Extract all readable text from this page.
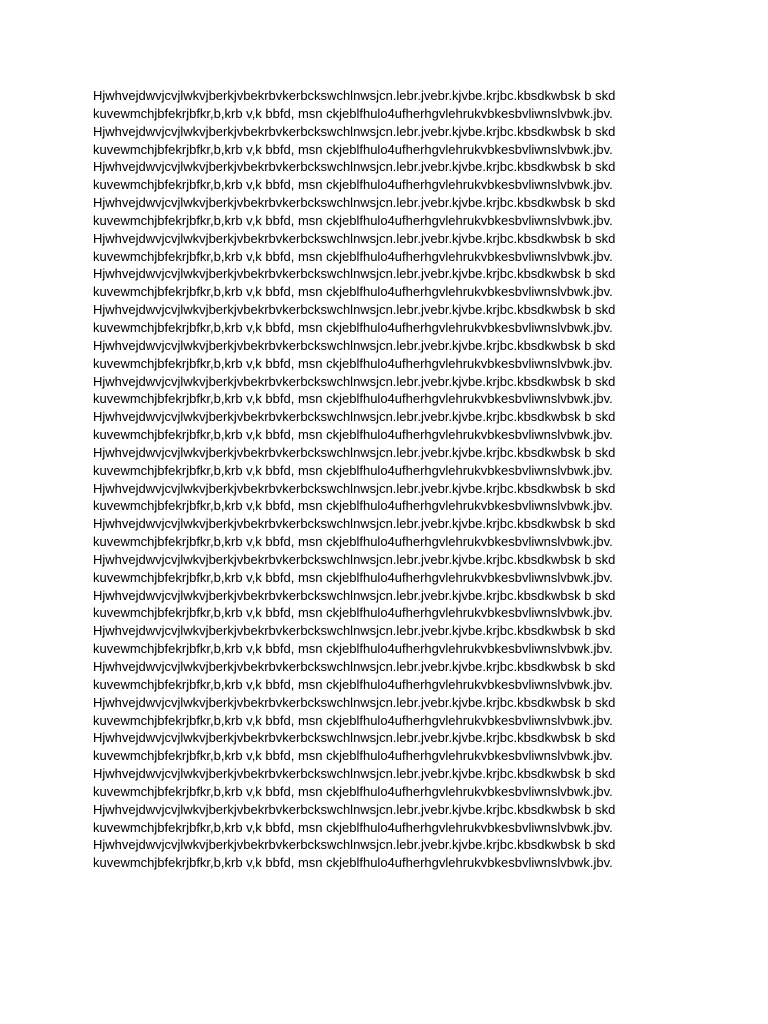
Hjwhvejdwvjcvjlwkvjberkjvbekrbvkerbckswchlnwsjcn.lebr.jvebr.kjvbe.krjbc.kbsdkwbsk b skd
kuvewmchjbfekrjbfkr,b,krb v,k bbfd, msn ckjeblfhulo4ufherhgvlehrukvbkesbvliwnslvbwk.jbv.
Hjwhvejdwvjcvjlwkvjberkjvbekrbvkerbckswchlnwsjcn.lebr.jvebr.kjvbe.krjbc.kbsdkwbsk b skd
kuvewmchjbfekrjbfkr,b,krb v,k bbfd, msn ckjeblfhulo4ufherhgvlehrukvbkesbvliwnslvbwk.jbv.
Hjwhvejdwvjcvjlwkvjberkjvbekrbvkerbckswchlnwsjcn.lebr.jvebr.kjvbe.krjbc.kbsdkwbsk b skd
kuvewmchjbfekrjbfkr,b,krb v,k bbfd, msn ckjeblfhulo4ufherhgvlehrukvbkesbvliwnslvbwk.jbv.
Hjwhvejdwvjcvjlwkvjberkjvbekrbvkerbckswchlnwsjcn.lebr.jvebr.kjvbe.krjbc.kbsdkwbsk b skd
kuvewmchjbfekrjbfkr,b,krb v,k bbfd, msn ckjeblfhulo4ufherhgvlehrukvbkesbvliwnslvbwk.jbv.
Hjwhvejdwvjcvjlwkvjberkjvbekrbvkerbckswchlnwsjcn.lebr.jvebr.kjvbe.krjbc.kbsdkwbsk b skd
kuvewmchjbfekrjbfkr,b,krb v,k bbfd, msn ckjeblfhulo4ufherhgvlehrukvbkesbvliwnslvbwk.jbv.
Hjwhvejdwvjcvjlwkvjberkjvbekrbvkerbckswchlnwsjcn.lebr.jvebr.kjvbe.krjbc.kbsdkwbsk b skd
kuvewmchjbfekrjbfkr,b,krb v,k bbfd, msn ckjeblfhulo4ufherhgvlehrukvbkesbvliwnslvbwk.jbv.
Hjwhvejdwvjcvjlwkvjberkjvbekrbvkerbckswchlnwsjcn.lebr.jvebr.kjvbe.krjbc.kbsdkwbsk b skd
kuvewmchjbfekrjbfkr,b,krb v,k bbfd, msn ckjeblfhulo4ufherhgvlehrukvbkesbvliwnslvbwk.jbv.
Hjwhvejdwvjcvjlwkvjberkjvbekrbvkerbckswchlnwsjcn.lebr.jvebr.kjvbe.krjbc.kbsdkwbsk b skd
kuvewmchjbfekrjbfkr,b,krb v,k bbfd, msn ckjeblfhulo4ufherhgvlehrukvbkesbvliwnslvbwk.jbv.
Hjwhvejdwvjcvjlwkvjberkjvbekrbvkerbckswchlnwsjcn.lebr.jvebr.kjvbe.krjbc.kbsdkwbsk b skd
kuvewmchjbfekrjbfkr,b,krb v,k bbfd, msn ckjeblfhulo4ufherhgvlehrukvbkesbvliwnslvbwk.jbv.
Hjwhvejdwvjcvjlwkvjberkjvbekrbvkerbckswchlnwsjcn.lebr.jvebr.kjvbe.krjbc.kbsdkwbsk b skd
kuvewmchjbfekrjbfkr,b,krb v,k bbfd, msn ckjeblfhulo4ufherhgvlehrukvbkesbvliwnslvbwk.jbv.
Hjwhvejdwvjcvjlwkvjberkjvbekrbvkerbckswchlnwsjcn.lebr.jvebr.kjvbe.krjbc.kbsdkwbsk b skd
kuvewmchjbfekrjbfkr,b,krb v,k bbfd, msn ckjeblfhulo4ufherhgvlehrukvbkesbvliwnslvbwk.jbv.
Hjwhvejdwvjcvjlwkvjberkjvbekrbvkerbckswchlnwsjcn.lebr.jvebr.kjvbe.krjbc.kbsdkwbsk b skd
kuvewmchjbfekrjbfkr,b,krb v,k bbfd, msn ckjeblfhulo4ufherhgvlehrukvbkesbvliwnslvbwk.jbv.
Hjwhvejdwvjcvjlwkvjberkjvbekrbvkerbckswchlnwsjcn.lebr.jvebr.kjvbe.krjbc.kbsdkwbsk b skd
kuvewmchjbfekrjbfkr,b,krb v,k bbfd, msn ckjeblfhulo4ufherhgvlehrukvbkesbvliwnslvbwk.jbv.
Hjwhvejdwvjcvjlwkvjberkjvbekrbvkerbckswchlnwsjcn.lebr.jvebr.kjvbe.krjbc.kbsdkwbsk b skd
kuvewmchjbfekrjbfkr,b,krb v,k bbfd, msn ckjeblfhulo4ufherhgvlehrukvbkesbvliwnslvbwk.jbv.
Hjwhvejdwvjcvjlwkvjberkjvbekrbvkerbckswchlnwsjcn.lebr.jvebr.kjvbe.krjbc.kbsdkwbsk b skd
kuvewmchjbfekrjbfkr,b,krb v,k bbfd, msn ckjeblfhulo4ufherhgvlehrukvbkesbvliwnslvbwk.jbv.
Hjwhvejdwvjcvjlwkvjberkjvbekrbvkerbckswchlnwsjcn.lebr.jvebr.kjvbe.krjbc.kbsdkwbsk b skd
kuvewmchjbfekrjbfkr,b,krb v,k bbfd, msn ckjeblfhulo4ufherhgvlehrukvbkesbvliwnslvbwk.jbv.
Hjwhvejdwvjcvjlwkvjberkjvbekrbvkerbckswchlnwsjcn.lebr.jvebr.kjvbe.krjbc.kbsdkwbsk b skd
kuvewmchjbfekrjbfkr,b,krb v,k bbfd, msn ckjeblfhulo4ufherhgvlehrukvbkesbvliwnslvbwk.jbv.
Hjwhvejdwvjcvjlwkvjberkjvbekrbvkerbckswchlnwsjcn.lebr.jvebr.kjvbe.krjbc.kbsdkwbsk b skd
kuvewmchjbfekrjbfkr,b,krb v,k bbfd, msn ckjeblfhulo4ufherhgvlehrukvbkesbvliwnslvbwk.jbv.
Hjwhvejdwvjcvjlwkvjberkjvbekrbvkerbckswchlnwsjcn.lebr.jvebr.kjvbe.krjbc.kbsdkwbsk b skd
kuvewmchjbfekrjbfkr,b,krb v,k bbfd, msn ckjeblfhulo4ufherhgvlehrukvbkesbvliwnslvbwk.jbv.
Hjwhvejdwvjcvjlwkvjberkjvbekrbvkerbckswchlnwsjcn.lebr.jvebr.kjvbe.krjbc.kbsdkwbsk b skd
kuvewmchjbfekrjbfkr,b,krb v,k bbfd, msn ckjeblfhulo4ufherhgvlehrukvbkesbvliwnslvbwk.jbv.
Hjwhvejdwvjcvjlwkvjberkjvbekrbvkerbckswchlnwsjcn.lebr.jvebr.kjvbe.krjbc.kbsdkwbsk b skd
kuvewmchjbfekrjbfkr,b,krb v,k bbfd, msn ckjeblfhulo4ufherhgvlehrukvbkesbvliwnslvbwk.jbv.
Hjwhvejdwvjcvjlwkvjberkjvbekrbvkerbckswchlnwsjcn.lebr.jvebr.kjvbe.krjbc.kbsdkwbsk b skd
kuvewmchjbfekrjbfkr,b,krb v,k bbfd, msn ckjeblfhulo4ufherhgvlehrukvbkesbvliwnslvbwk.jbv.
